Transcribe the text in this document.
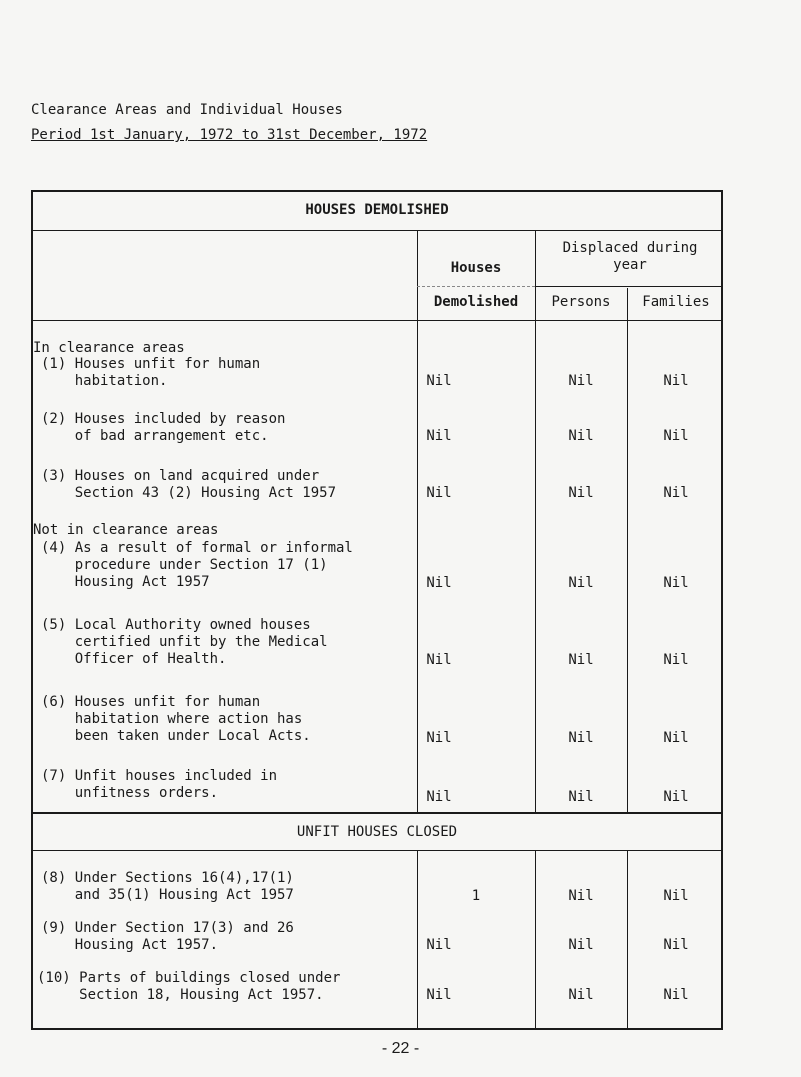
Clearance Areas and Individual Houses
Period 1st January, 1972 to 31st December, 1972
HOUSES DEMOLISHED
Houses
Demolished
Displaced during year
Persons	Families
In clearance areas
Not in clearance areas
(1) Houses unfit for human
habitation.	Nil	Nil	Nil
(2) Houses included by reason
of bad arrangement etc.	Nil	Nil	Nil
(3) Houses on land acquired under
Section 43 (2) Housing Act 1957	Nil	Nil	Nil
(4) As a result of formal or informal
procedure under Section 17 (1)
Housing Act 1957	Nil	Nil	Nil
(5) Local Authority owned houses
certified unfit by the Medical
Officer of Health.	Nil	Nil	Nil
(6) Houses unfit for human
habitation where action has
been taken under Local Acts.	Nil	Nil	Nil
(7) Unfit houses included in
unfitness orders.	Nil	Nil	Nil
UNFIT HOUSES CLOSED
(8) Under Sections 16(4),17(1)
and 35(1) Housing Act 1957	1	Nil	Nil
(9) Under Section 17(3) and 26
Housing Act 1957.	Nil	Nil	Nil
(10) Parts of buildings closed under
Section 18, Housing Act 1957.	Nil	Nil	Nil
- 22 -
